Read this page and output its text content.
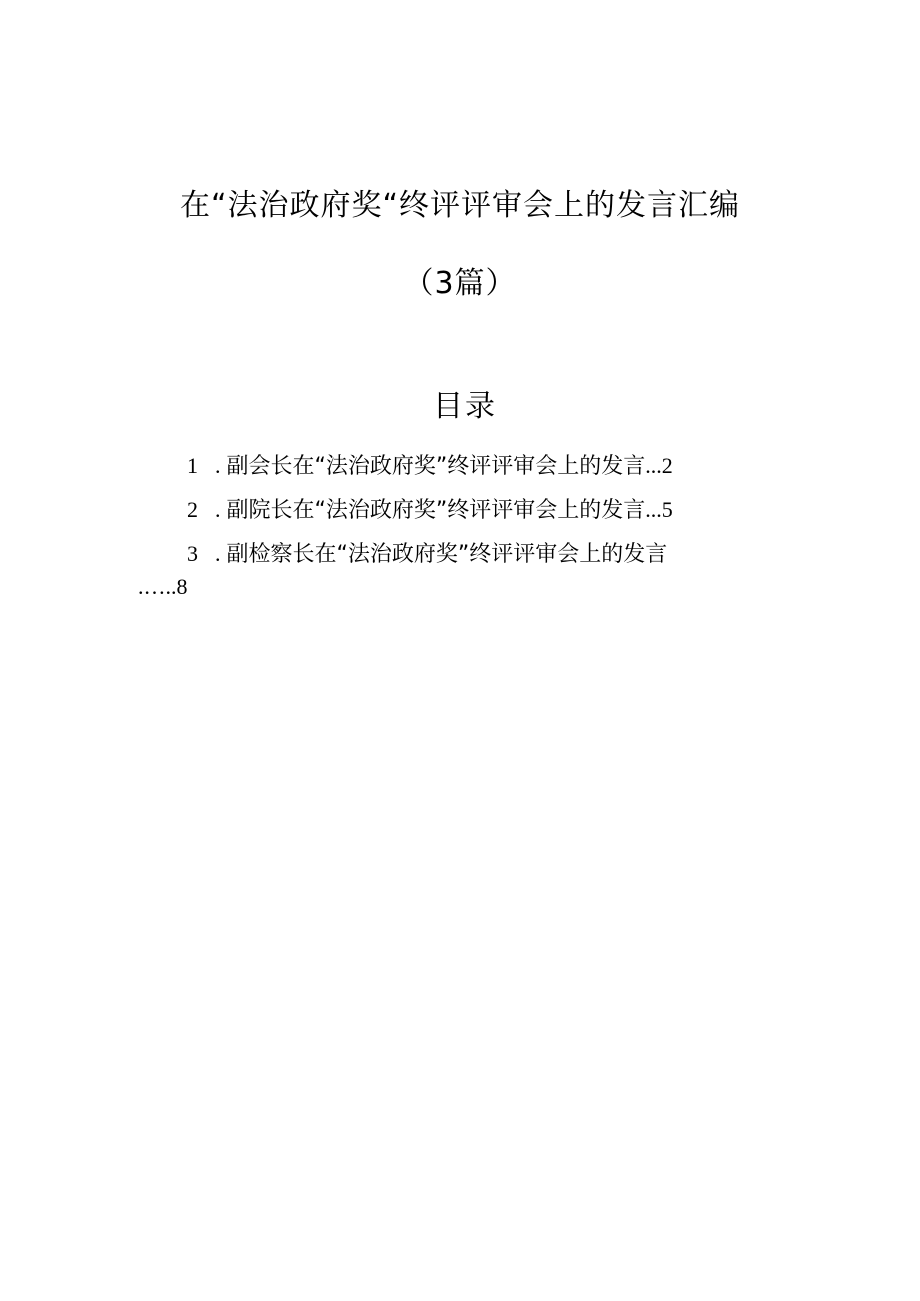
在“法治政府奖“终评评审会上的发言汇编
（3篇）
目录
1 . 副会长在“法治政府奖”终评评审会上的发言...2
2 . 副院长在“法治政府奖”终评评审会上的发言...5
3 . 副检察长在“法治政府奖”终评评审会上的发言
.…..8
